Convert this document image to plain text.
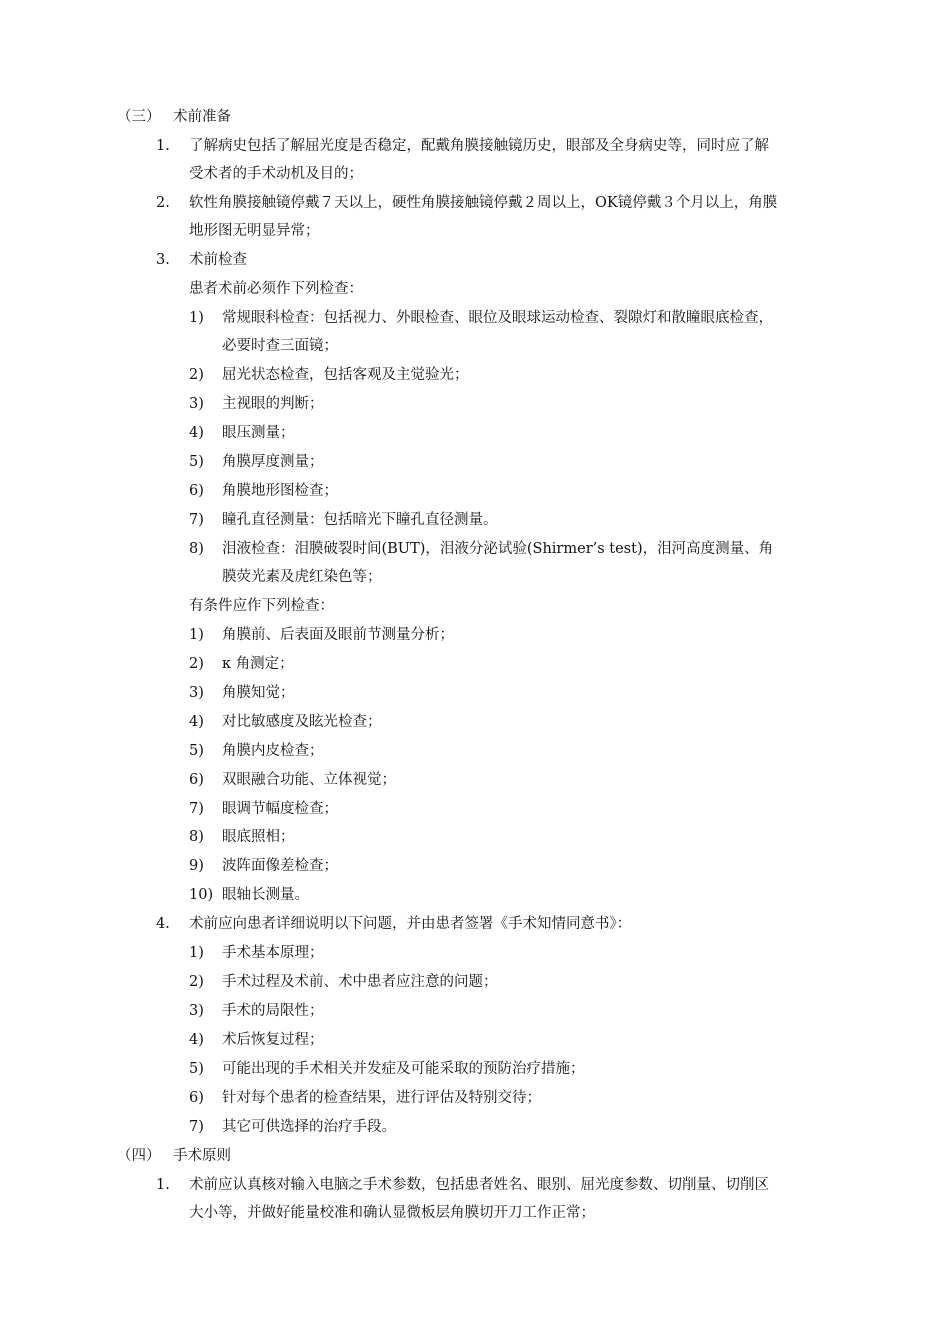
（三） 术前准备
1. 了解病史包括了解屈光度是否稳定，配戴角膜接触镜历史，眼部及全身病史等，同时应了解
受术者的手术动机及目的；
2. 软性角膜接触镜停戴７天以上，硬性角膜接触镜停戴２周以上，OK镜停戴３个月以上，角膜
地形图无明显异常；
3. 术前检查
患者术前必须作下列检查：
1) 常规眼科检查：包括视力、外眼检查、眼位及眼球运动检查、裂隙灯和散瞳眼底检查，
必要时查三面镜；
2) 屈光状态检查，包括客观及主觉验光；
3) 主视眼的判断；
4) 眼压测量；
5) 角膜厚度测量；
6) 角膜地形图检查；
7) 瞳孔直径测量：包括暗光下瞳孔直径测量。
8) 泪液检查：泪膜破裂时间(BUT)，泪液分泌试验(Shirmer’s test)，泪河高度测量、角
膜荧光素及虎红染色等；
有条件应作下列检查：
1) 角膜前、后表面及眼前节测量分析；
2) κ 角测定；
3) 角膜知觉；
4) 对比敏感度及眩光检查；
5) 角膜内皮检查；
6) 双眼融合功能、立体视觉；
7) 眼调节幅度检查；
8) 眼底照相；
9) 波阵面像差检查；
10) 眼轴长测量。
4. 术前应向患者详细说明以下问题，并由患者签署《手术知情同意书》：
1) 手术基本原理；
2) 手术过程及术前、术中患者应注意的问题；
3) 手术的局限性；
4) 术后恢复过程；
5) 可能出现的手术相关并发症及可能采取的预防治疗措施；
6) 针对每个患者的检查结果，进行评估及特别交待；
7) 其它可供选择的治疗手段。
（四） 手术原则
1. 术前应认真核对输入电脑之手术参数，包括患者姓名、眼别、屈光度参数、切削量、切削区
大小等，并做好能量校准和确认显微板层角膜切开刀工作正常；
